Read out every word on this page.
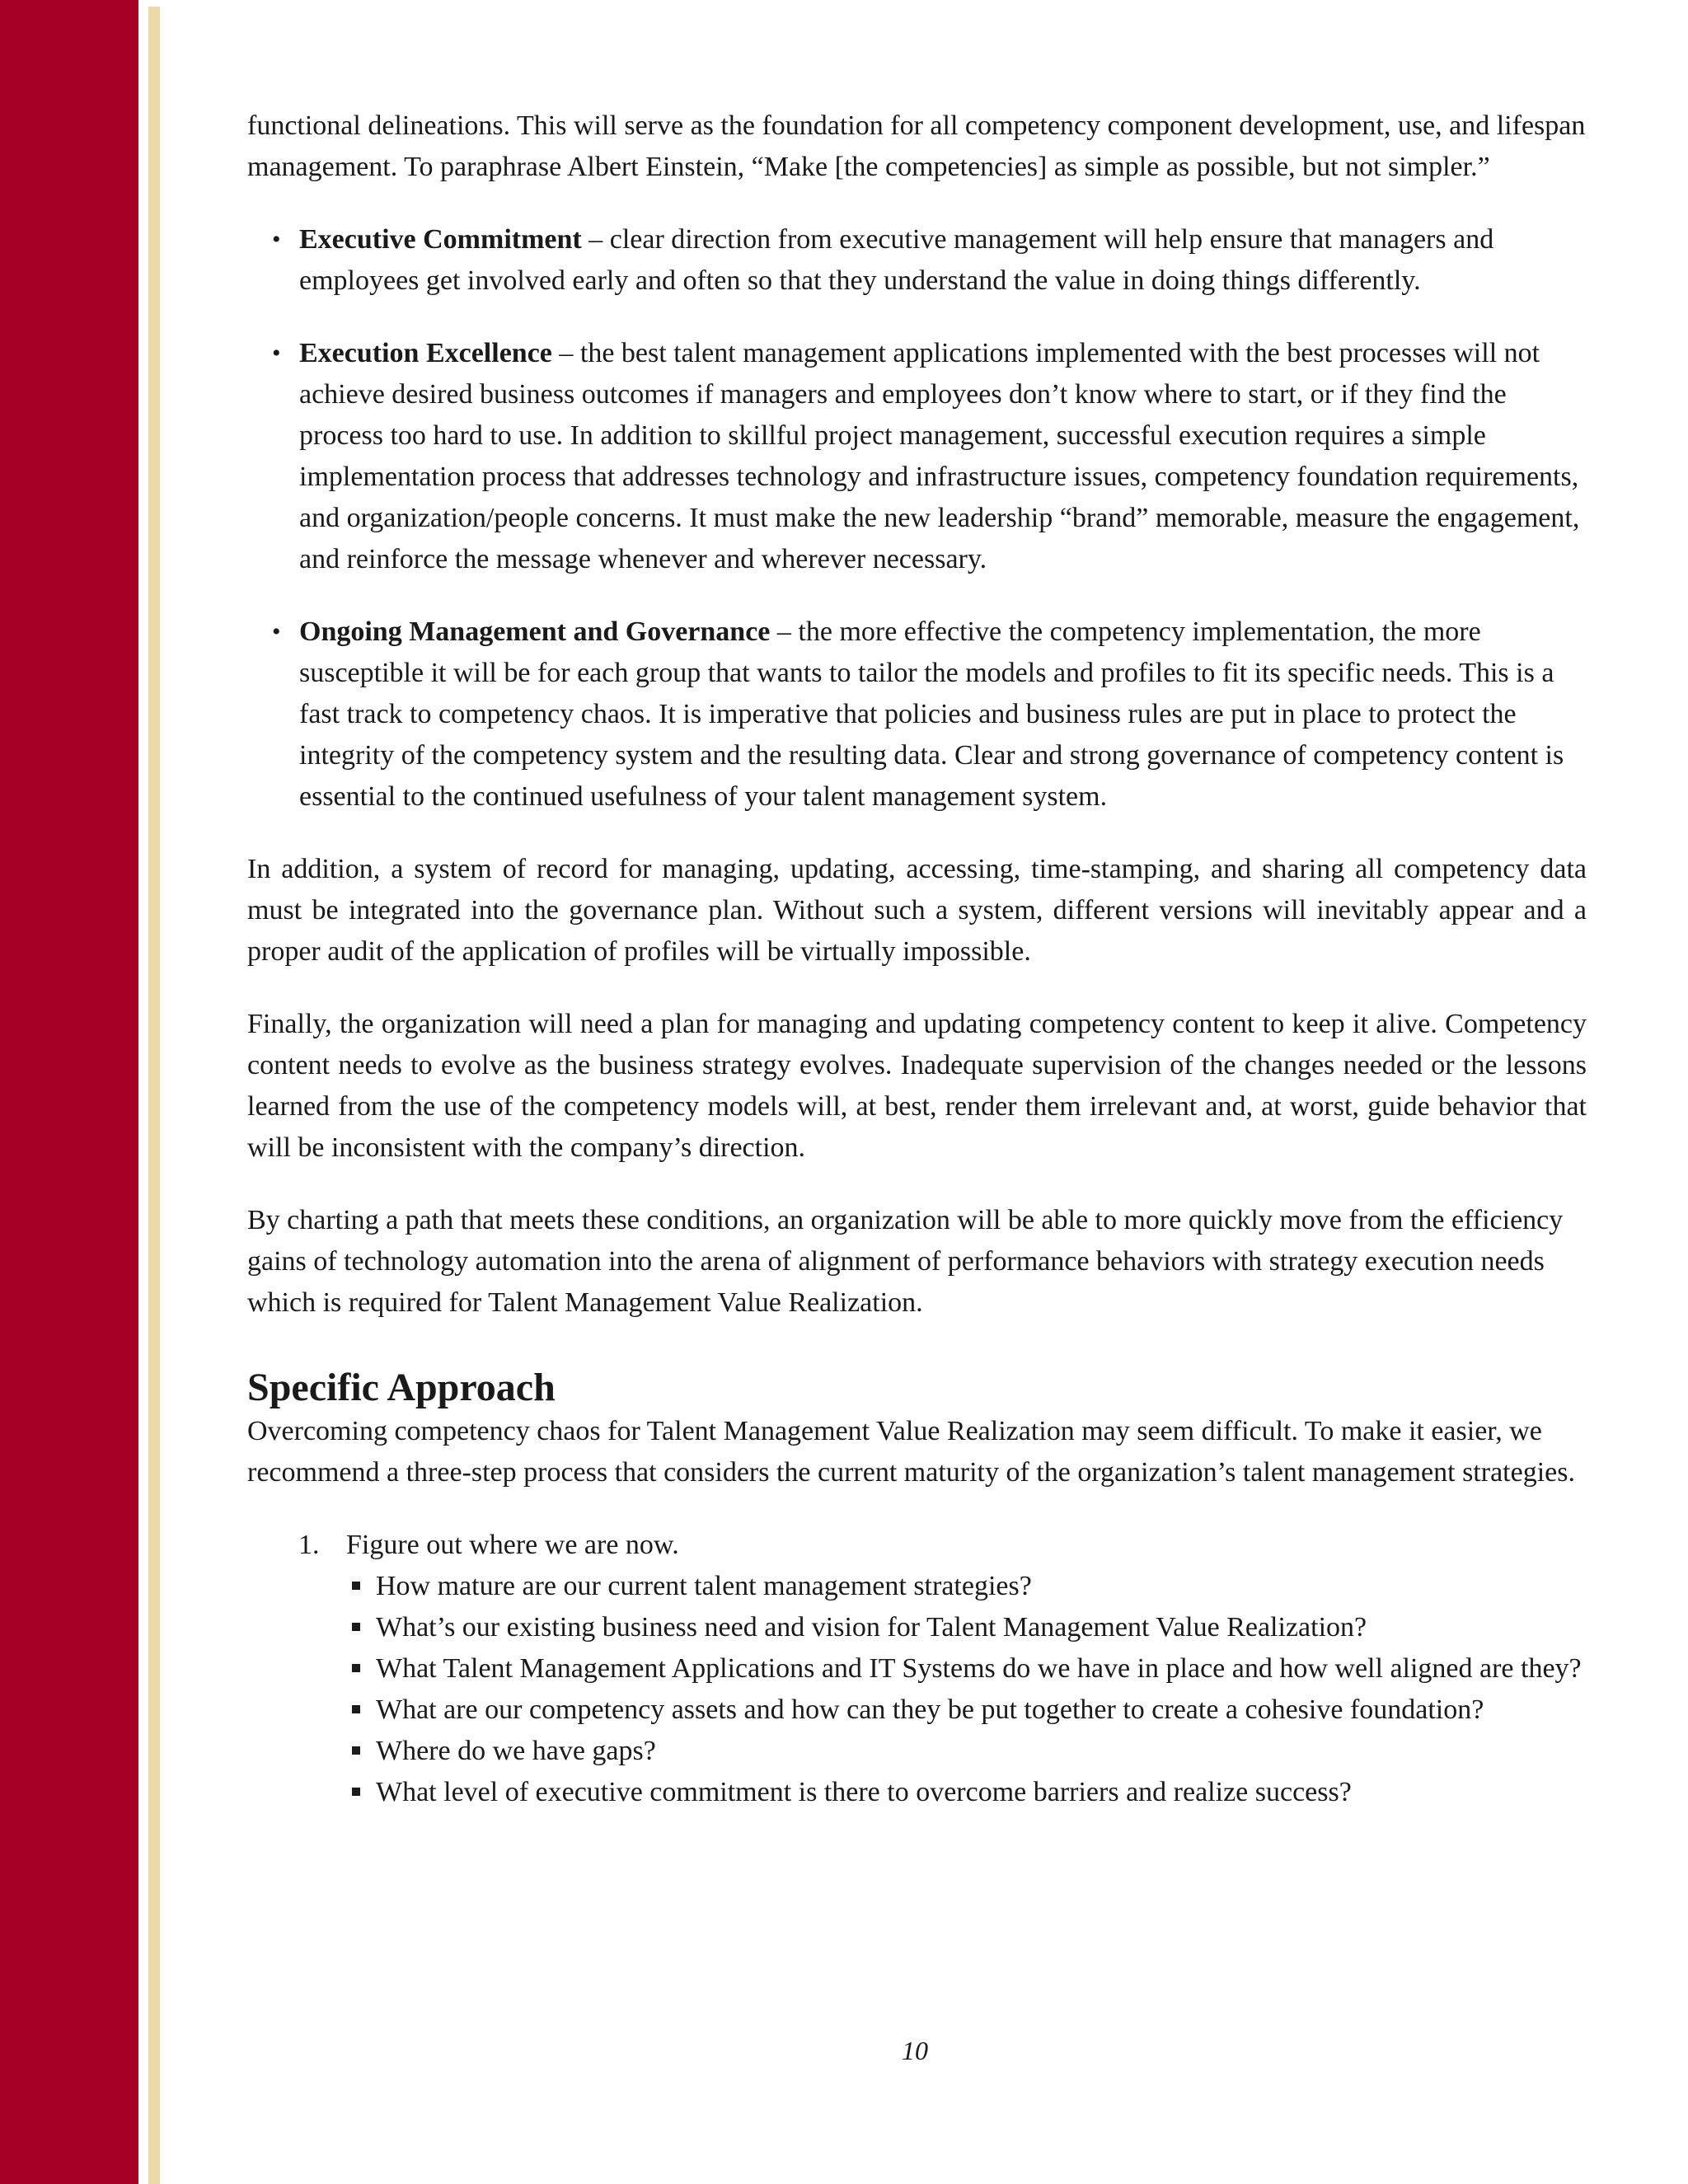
functional delineations. This will serve as the foundation for all competency component development, use, and lifespan management. To paraphrase Albert Einstein, “Make [the competencies] as simple as possible, but not simpler.”

• Executive Commitment – clear direction from executive management will help ensure that managers and employees get involved early and often so that they understand the value in doing things differently.
• Execution Excellence – the best talent management applications implemented with the best processes will not achieve desired business outcomes if managers and employees don’t know where to start, or if they find the process too hard to use. In addition to skillful project management, successful execution requires a simple implementation process that addresses technology and infrastructure issues, competency foundation requirements, and organization/people concerns. It must make the new leadership “brand” memorable, measure the engagement, and reinforce the message whenever and wherever necessary.
• Ongoing Management and Governance – the more effective the competency implementation, the more susceptible it will be for each group that wants to tailor the models and profiles to fit its specific needs. This is a fast track to competency chaos. It is imperative that policies and business rules are put in place to protect the integrity of the competency system and the resulting data. Clear and strong governance of competency content is essential to the continued usefulness of your talent management system.

In addition, a system of record for managing, updating, accessing, time-stamping, and sharing all competency data must be integrated into the governance plan. Without such a system, different versions will inevitably appear and a proper audit of the application of profiles will be virtually impossible.

Finally, the organization will need a plan for managing and updating competency content to keep it alive. Competency content needs to evolve as the business strategy evolves. Inadequate supervision of the changes needed or the lessons learned from the use of the competency models will, at best, render them irrelevant and, at worst, guide behavior that will be inconsistent with the company’s direction.

By charting a path that meets these conditions, an organization will be able to more quickly move from the efficiency gains of technology automation into the arena of alignment of performance behaviors with strategy execution needs which is required for Talent Management Value Realization.

Specific Approach

Overcoming competency chaos for Talent Management Value Realization may seem difficult. To make it easier, we recommend a three-step process that considers the current maturity of the organization’s talent management strategies.

1. Figure out where we are now.
How mature are our current talent management strategies?
What’s our existing business need and vision for Talent Management Value Realization?
What Talent Management Applications and IT Systems do we have in place and how well aligned are they?
What are our competency assets and how can they be put together to create a cohesive foundation?
Where do we have gaps?
What level of executive commitment is there to overcome barriers and realize success?
10
